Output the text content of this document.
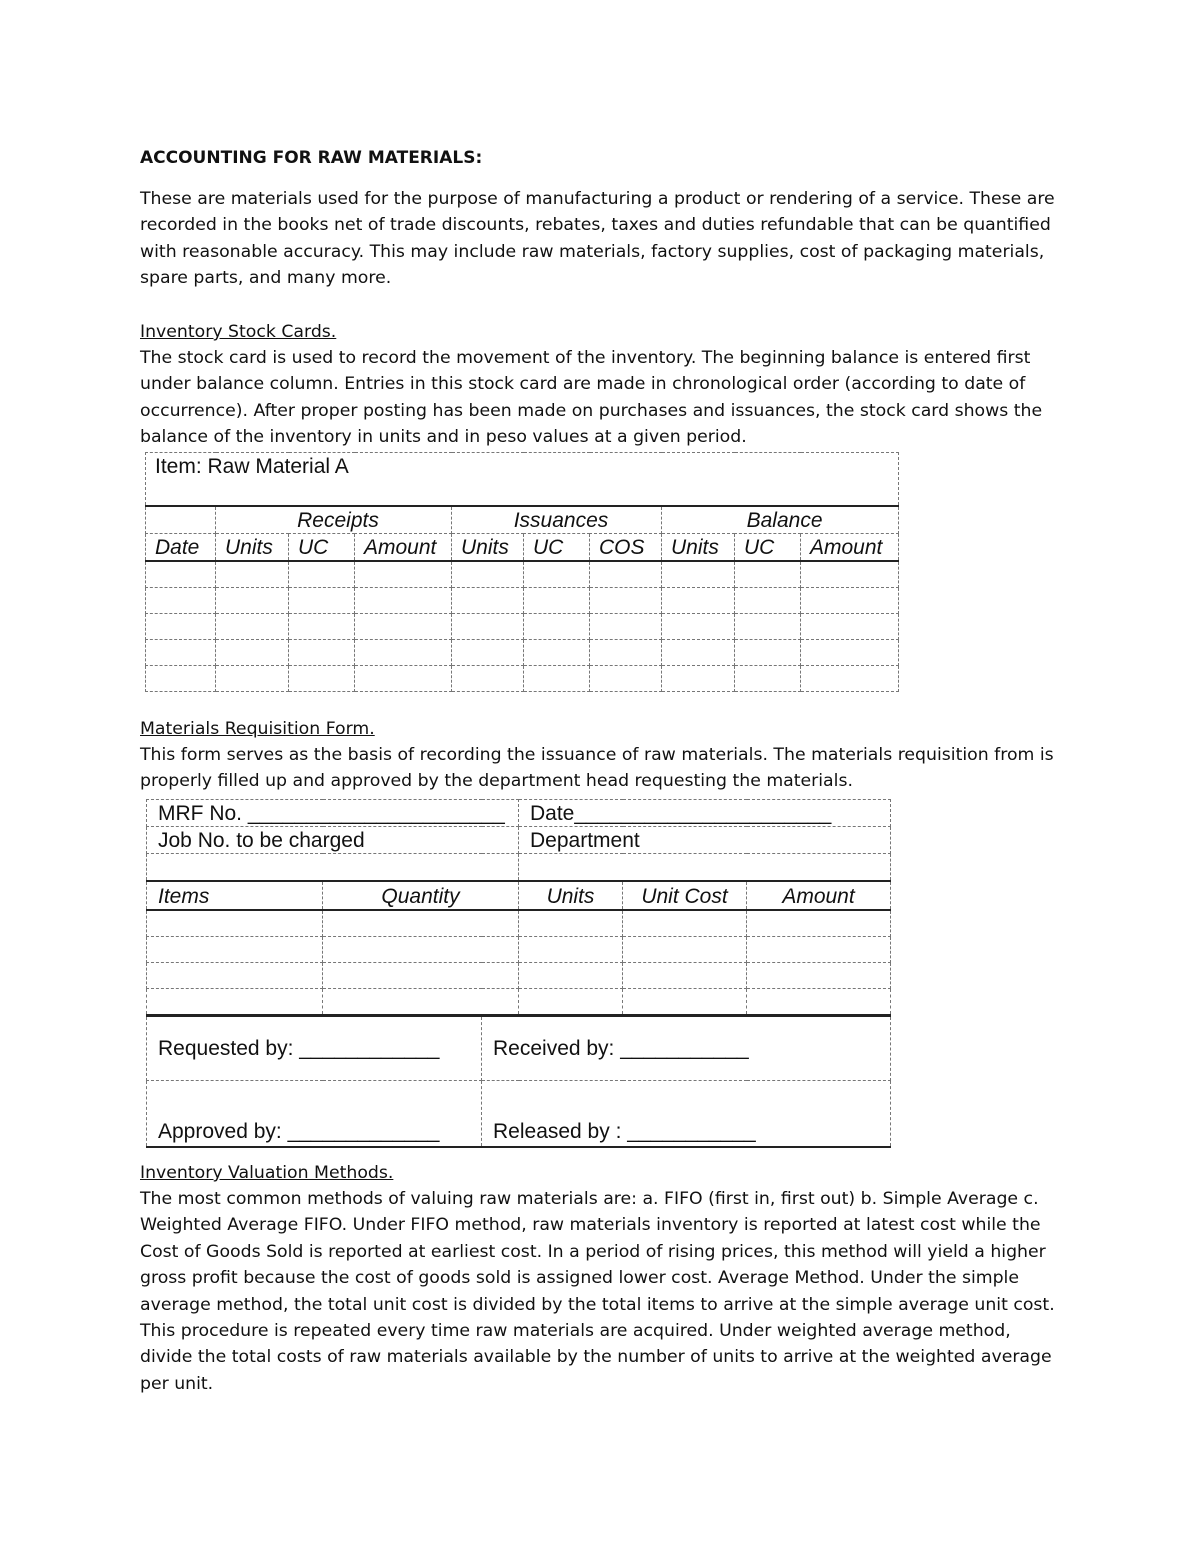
ACCOUNTING FOR RAW MATERIALS:

These are materials used for the purpose of manufacturing a product or rendering of a service. These are recorded in the books net of trade discounts, rebates, taxes and duties refundable that can be quantified with reasonable accuracy. This may include raw materials, factory supplies, cost of packaging materials, spare parts, and many more.

Inventory Stock Cards.

The stock card is used to record the movement of the inventory. The beginning balance is entered first under balance column. Entries in this stock card are made in chronological order (according to date of occurrence). After proper posting has been made on purchases and issuances, the stock card shows the balance of the inventory in units and in peso values at a given period.

Item: Raw Material A									
	Receipts			Issuances			Balance		
Date	Units	UC	Amount	Units	UC	COS	Units	UC	Amount

Materials Requisition Form.

This form serves as the basis of recording the issuance of raw materials. The materials requisition from is properly filled up and approved by the department head requesting the materials.

MRF No. ______________________			Date______________________		
Job No. to be charged			Department		

Items	Quantity		Units	Unit Cost	Amount

Requested by: ____________		Received by: ___________			
Approved by: _____________		Released by : ___________			
Inventory Valuation Methods.

The most common methods of valuing raw materials are: a. FIFO (first in, first out) b. Simple Average c. Weighted Average FIFO. Under FIFO method, raw materials inventory is reported at latest cost while the Cost of Goods Sold is reported at earliest cost. In a period of rising prices, this method will yield a higher gross profit because the cost of goods sold is assigned lower cost. Average Method. Under the simple average method, the total unit cost is divided by the total items to arrive at the simple average unit cost. This procedure is repeated every time raw materials are acquired. Under weighted average method, divide the total costs of raw materials available by the number of units to arrive at the weighted average per unit.
